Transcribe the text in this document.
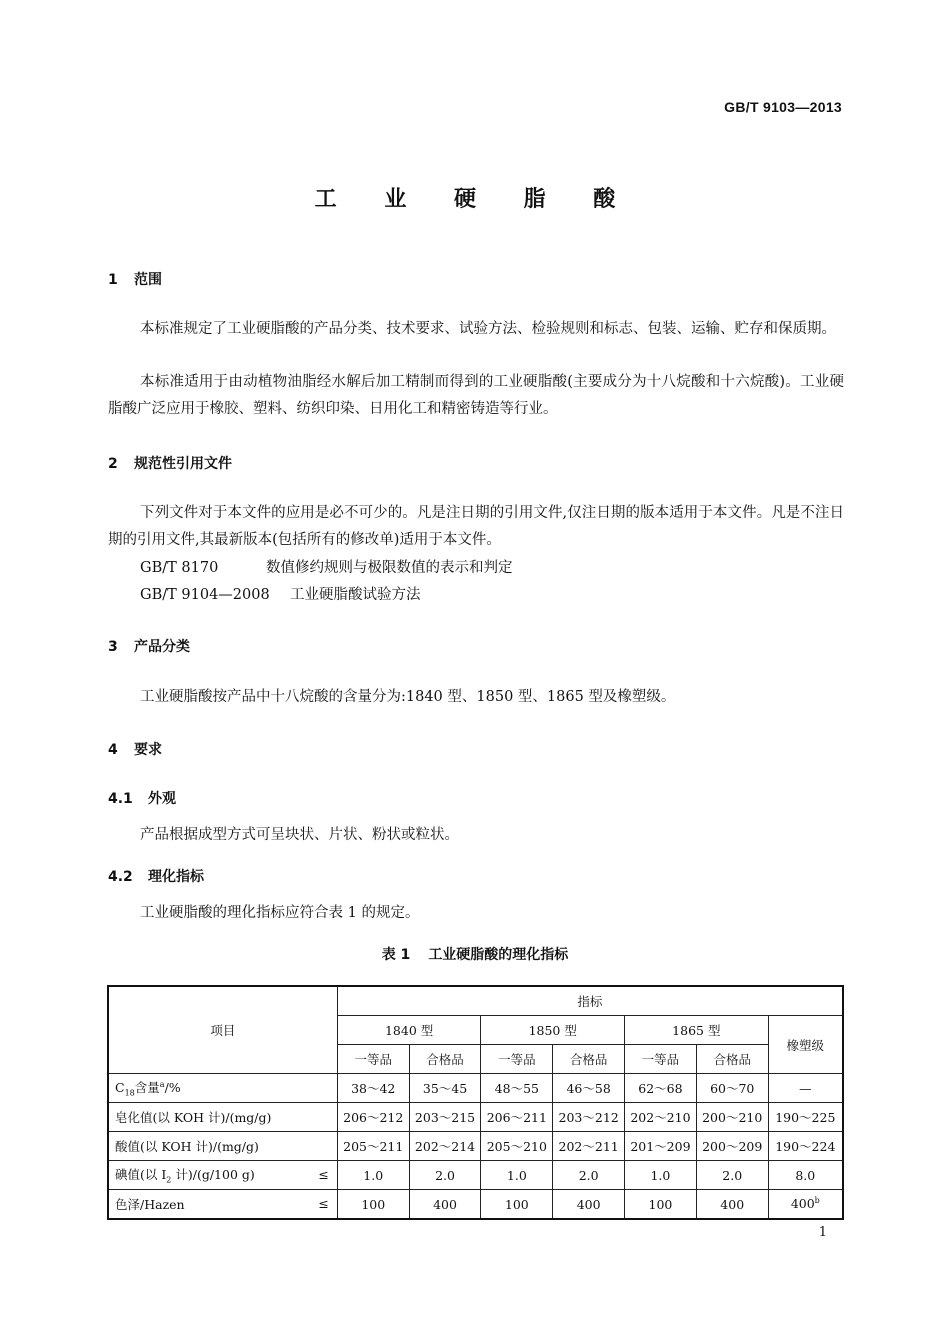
GB/T 9103—2013
工 业 硬 脂 酸
1 范围
本标准规定了工业硬脂酸的产品分类、技术要求、试验方法、检验规则和标志、包装、运输、贮存和保质期。
本标准适用于由动植物油脂经水解后加工精制而得到的工业硬脂酸(主要成分为十八烷酸和十六烷酸)。工业硬脂酸广泛应用于橡胶、塑料、纺织印染、日用化工和精密铸造等行业。
2 规范性引用文件
下列文件对于本文件的应用是必不可少的。凡是注日期的引用文件,仅注日期的版本适用于本文件。凡是不注日期的引用文件,其最新版本(包括所有的修改单)适用于本文件。
GB/T 8170	数值修约规则与极限数值的表示和判定
GB/T 9104—2008 工业硬脂酸试验方法
3 产品分类
工业硬脂酸按产品中十八烷酸的含量分为:1840 型、1850 型、1865 型及橡塑级。
4 要求
4.1 外观
产品根据成型方式可呈块状、片状、粉状或粒状。
4.2 理化指标
工业硬脂酸的理化指标应符合表 1 的规定。
表 1 工业硬脂酸的理化指标
项目	指标						
	1840 型		1850 型		1865 型		橡塑级
	一等品	合格品	一等品	合格品	一等品	合格品	
$C_{18}$含量$^a$/%	38～42	35～45	48～55	46～58	62～68	60～70	—
皂化值(以 KOH 计)/(mg/g)	206～212	203～215	206～211	203～212	202～210	200～210	190～225
酸值(以 KOH 计)/(mg/g)	205～211	202～214	205～210	202～211	201～209	200～209	190～224
碘值(以 $I_2$ 计)/(g/100 g) ≤	1.0	2.0	1.0	2.0	1.0	2.0	8.0
色泽/Hazen ≤	100	400	100	400	100	400	400$^b$
1
